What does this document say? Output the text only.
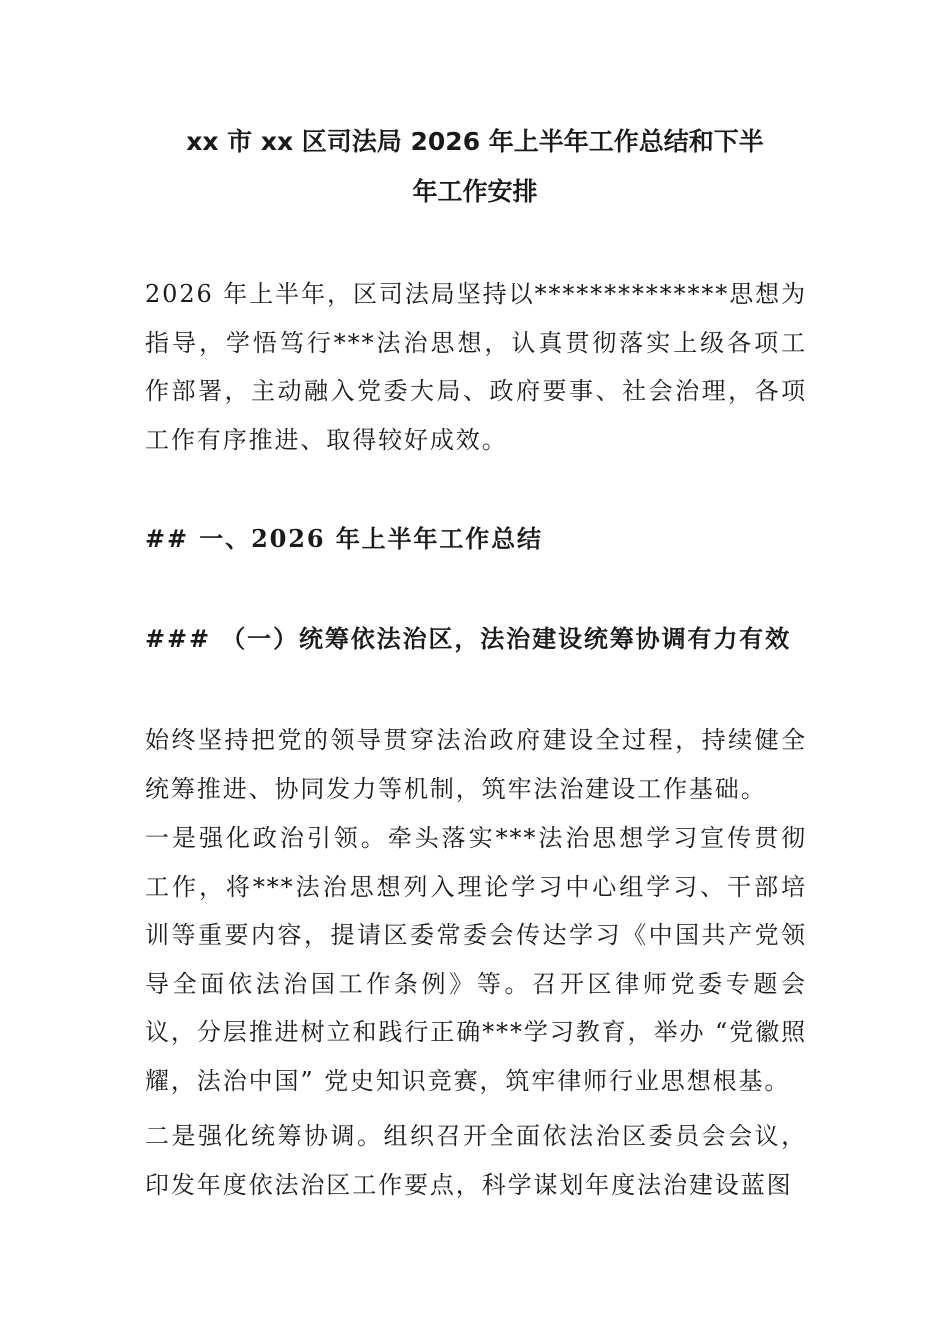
xx 市 xx 区司法局 2026 年上半年工作总结和下半
年工作安排

2026 年上半年，区司法局坚持以**************思想为指导，学悟笃行***法治思想，认真贯彻落实上级各项工作部署，主动融入党委大局、政府要事、社会治理，各项工作有序推进、取得较好成效。

## 一、2026 年上半年工作总结
### （一）统筹依法治区，法治建设统筹协调有力有效

始终坚持把党的领导贯穿法治政府建设全过程，持续健全统筹推进、协同发力等机制，筑牢法治建设工作基础。

一是强化政治引领。牵头落实***法治思想学习宣传贯彻工作，将***法治思想列入理论学习中心组学习、干部培训等重要内容，提请区委常委会传达学习《中国共产党领导全面依法治国工作条例》等。召开区律师党委专题会议，分层推进树立和践行正确***学习教育，举办 “党徽照耀，法治中国” 党史知识竞赛，筑牢律师行业思想根基。

二是强化统筹协调。组织召开全面依法治区委员会会议，印发年度依法治区工作要点，科学谋划年度法治建设蓝图
